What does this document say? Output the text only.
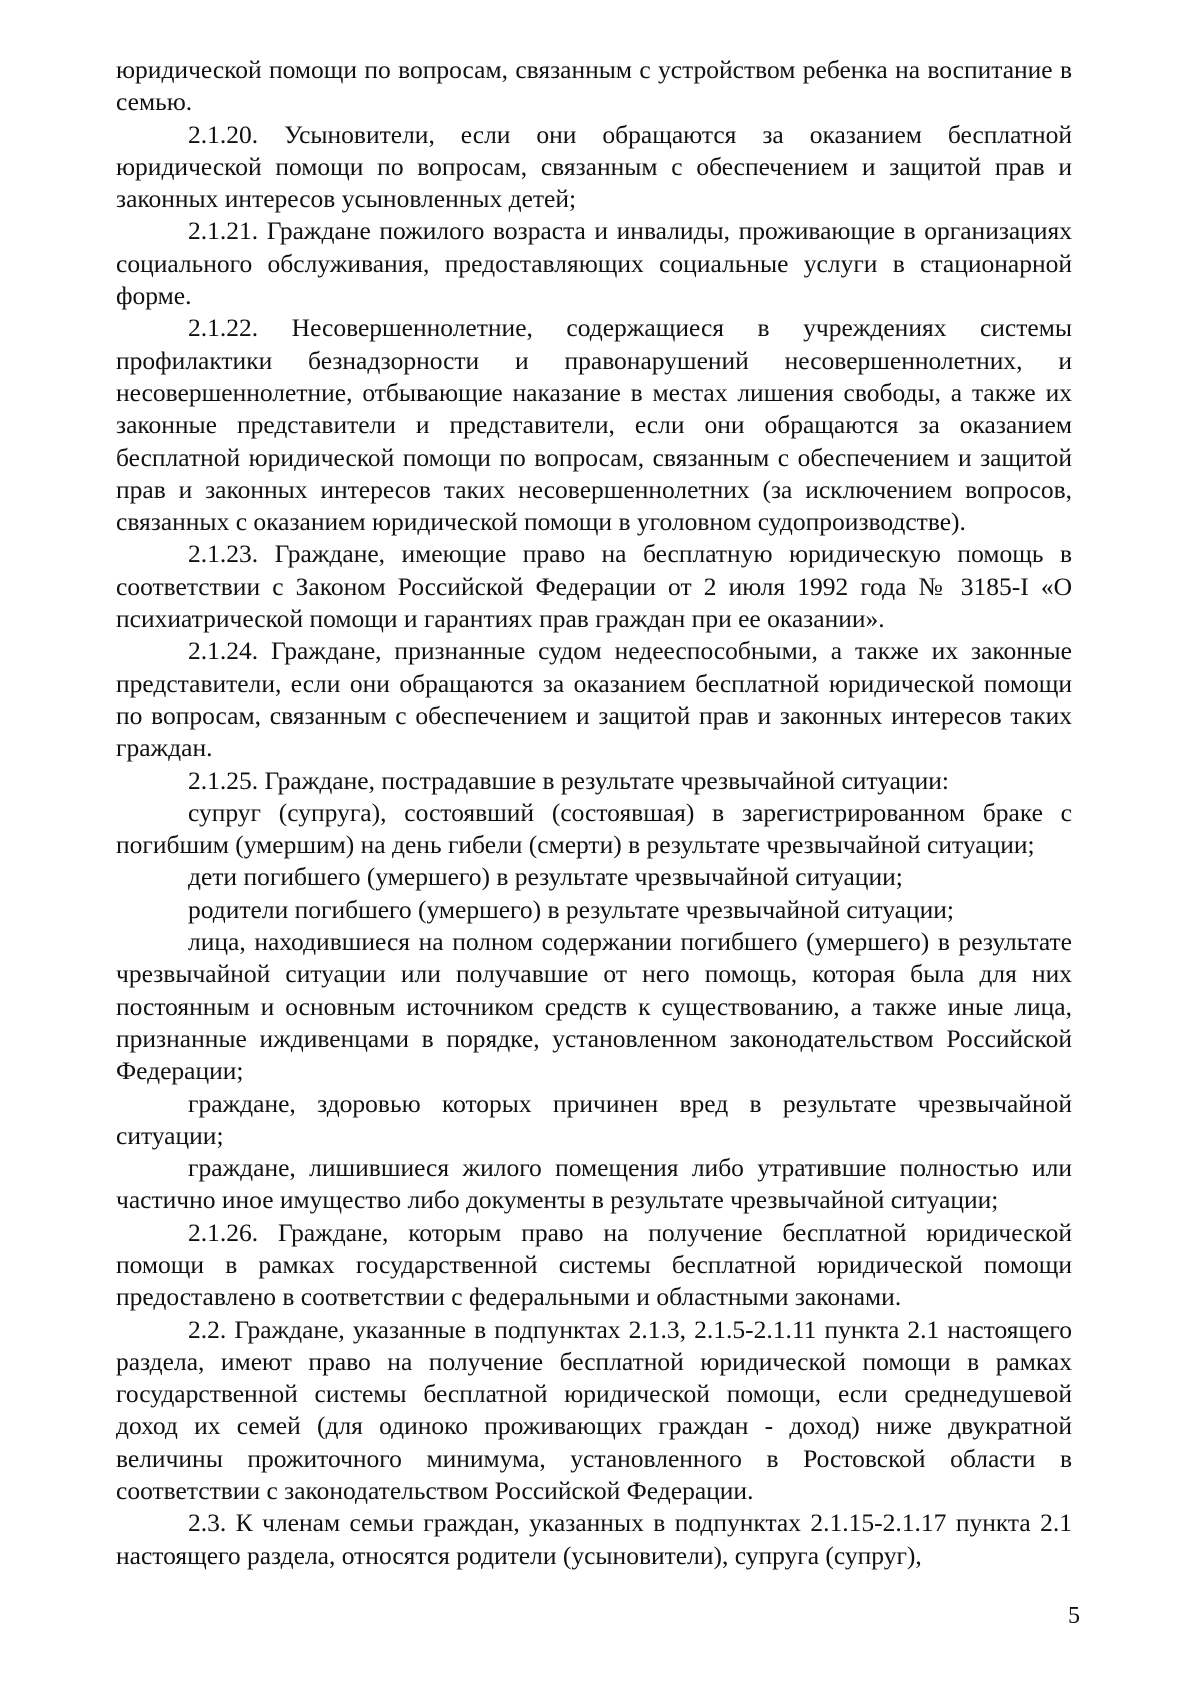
юридической помощи по вопросам, связанным с устройством ребенка на воспитание в семью.

2.1.20. Усыновители, если они обращаются за оказанием бесплатной юридической помощи по вопросам, связанным с обеспечением и защитой прав и законных интересов усыновленных детей;

2.1.21. Граждане пожилого возраста и инвалиды, проживающие в организациях социального обслуживания, предоставляющих социальные услуги в стационарной форме.

2.1.22. Несовершеннолетние, содержащиеся в учреждениях системы профилактики безнадзорности и правонарушений несовершеннолетних, и несовершеннолетние, отбывающие наказание в местах лишения свободы, а также их законные представители и представители, если они обращаются за оказанием бесплатной юридической помощи по вопросам, связанным с обеспечением и защитой прав и законных интересов таких несовершеннолетних (за исключением вопросов, связанных с оказанием юридической помощи в уголовном судопроизводстве).

2.1.23. Граждане, имеющие право на бесплатную юридическую помощь в соответствии с Законом Российской Федерации от 2 июля 1992 года № 3185-I «О психиатрической помощи и гарантиях прав граждан при ее оказании».

2.1.24. Граждане, признанные судом недееспособными, а также их законные представители, если они обращаются за оказанием бесплатной юридической помощи по вопросам, связанным с обеспечением и защитой прав и законных интересов таких граждан.

2.1.25. Граждане, пострадавшие в результате чрезвычайной ситуации:

супруг (супруга), состоявший (состоявшая) в зарегистрированном браке с погибшим (умершим) на день гибели (смерти) в результате чрезвычайной ситуации;

дети погибшего (умершего) в результате чрезвычайной ситуации;

родители погибшего (умершего) в результате чрезвычайной ситуации;

лица, находившиеся на полном содержании погибшего (умершего) в результате чрезвычайной ситуации или получавшие от него помощь, которая была для них постоянным и основным источником средств к существованию, а также иные лица, признанные иждивенцами в порядке, установленном законодательством Российской Федерации;

граждане, здоровью которых причинен вред в результате чрезвычайной ситуации;

граждане, лишившиеся жилого помещения либо утратившие полностью или частично иное имущество либо документы в результате чрезвычайной ситуации;

2.1.26. Граждане, которым право на получение бесплатной юридической помощи в рамках государственной системы бесплатной юридической помощи предоставлено в соответствии с федеральными и областными законами.

2.2. Граждане, указанные в подпунктах 2.1.3, 2.1.5-2.1.11 пункта 2.1 настоящего раздела, имеют право на получение бесплатной юридической помощи в рамках государственной системы бесплатной юридической помощи, если среднедушевой доход их семей (для одиноко проживающих граждан - доход) ниже двукратной величины прожиточного минимума, установленного в Ростовской области в соответствии с законодательством Российской Федерации.

2.3. К членам семьи граждан, указанных в подпунктах 2.1.15-2.1.17 пункта 2.1 настоящего раздела, относятся родители (усыновители), супруга (супруг),

5
